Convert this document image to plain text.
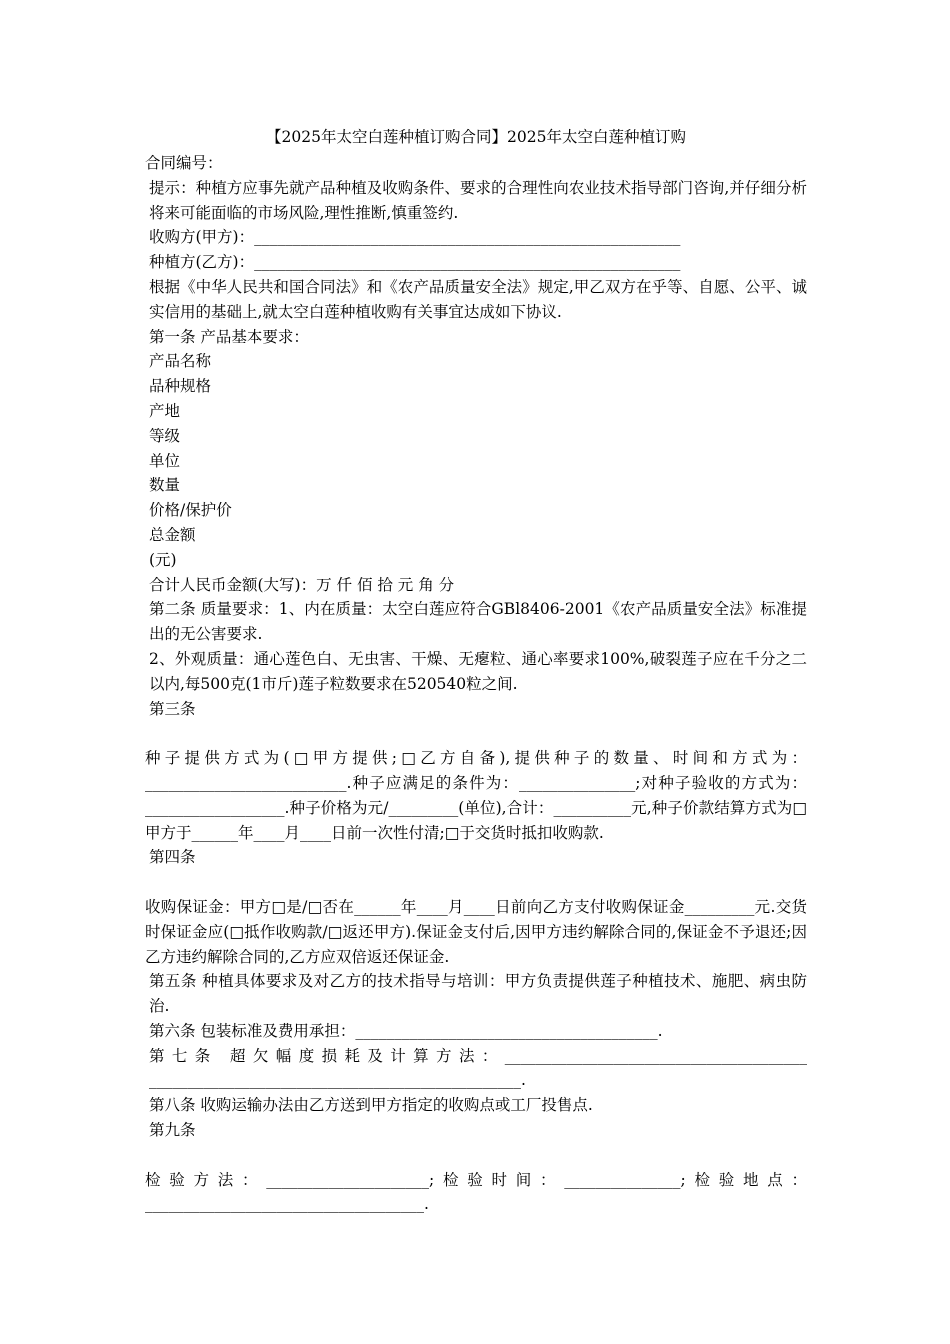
【2025年太空白莲种植订购合同】2025年太空白莲种植订购

合同编号：

提示：种植方应事先就产品种植及收购条件、要求的合理性向农业技术指导部门咨询,并仔细分析将来可能面临的市场风险,理性推断,慎重签约.

收购方(甲方)：_______________________________________________________

种植方(乙方)：_______________________________________________________

根据《中华人民共和国合同法》和《农产品质量安全法》规定,甲乙双方在乎等、自愿、公平、诚实信用的基础上,就太空白莲种植收购有关事宜达成如下协议.

第一条 产品基本要求：

产品名称

品种规格

产地

等级

单位

数量

价格/保护价

总金额

(元)

合计人民币金额(大写)：万 仟 佰 拾 元 角 分

第二条 质量要求：1、内在质量：太空白莲应符合GBl8406-2001《农产品质量安全法》标准提出的无公害要求.

2、外观质量：通心莲色白、无虫害、干燥、无瘪粒、通心率要求100%,破裂莲子应在千分之二以内,每500克(1市斤)莲子粒数要求在520540粒之间.

第三条

种子提供方式为(□甲方提供;□乙方自备),提供种子的数量、时间和方式为：__________________________.种子应满足的条件为：_______________;对种子验收的方式为：__________________.种子价格为元/_________(单位),合计：__________元,种子价款结算方式为□甲方于______年____月____日前一次性付清;□于交货时抵扣收购款.

第四条

收购保证金：甲方□是/□否在______年____月____日前向乙方支付收购保证金_________元.交货时保证金应(□抵作收购款/□返还甲方).保证金支付后,因甲方违约解除合同的,保证金不予退还;因乙方违约解除合同的,乙方应双倍返还保证金.

第五条 种植具体要求及对乙方的技术指导与培训：甲方负责提供莲子种植技术、施肥、病虫防治.

第六条 包装标准及费用承担：_______________________________________.

第七条 超欠幅度损耗及计算方法：_______________________________________ ________________________________________________.

第八条 收购运输办法由乙方送到甲方指定的收购点或工厂投售点.

第九条

检验方法：_____________________;检验时间：_______________;检验地点：____________________________________.
